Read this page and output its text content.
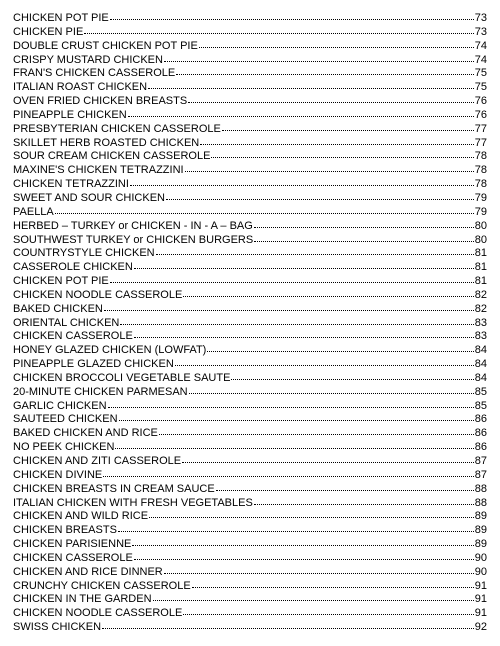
CHICKEN POT PIE	73
CHICKEN PIE	73
DOUBLE CRUST CHICKEN POT PIE	74
CRISPY MUSTARD CHICKEN	74
FRAN'S CHICKEN CASSEROLE	75
ITALIAN ROAST CHICKEN	75
OVEN FRIED CHICKEN BREASTS	76
PINEAPPLE CHICKEN	76
PRESBYTERIAN CHICKEN CASSEROLE	77
SKILLET HERB ROASTED CHICKEN	77
SOUR CREAM CHICKEN CASSEROLE	78
MAXINE'S CHICKEN TETRAZZINI	78
CHICKEN TETRAZZINI	78
SWEET AND SOUR CHICKEN	79
PAELLA	79
HERBED – TURKEY or CHICKEN - IN - A – BAG	80
SOUTHWEST TURKEY or CHICKEN BURGERS	80
COUNTRYSTYLE CHICKEN	81
CASSEROLE CHICKEN	81
CHICKEN POT PIE	81
CHICKEN NOODLE CASSEROLE	82
BAKED CHICKEN	82
ORIENTAL CHICKEN	83
CHICKEN CASSEROLE	83
HONEY GLAZED CHICKEN (LOWFAT)	84
PINEAPPLE GLAZED CHICKEN	84
CHICKEN BROCCOLI VEGETABLE SAUTE	84
20-MINUTE CHICKEN PARMESAN	85
GARLIC CHICKEN	85
SAUTEED CHICKEN	86
BAKED CHICKEN AND RICE	86
NO PEEK CHICKEN	86
CHICKEN AND ZITI CASSEROLE	87
CHICKEN DIVINE	87
CHICKEN BREASTS IN CREAM SAUCE	88
ITALIAN CHICKEN WITH FRESH VEGETABLES	88
CHICKEN AND WILD RICE	89
CHICKEN BREASTS	89
CHICKEN PARISIENNE	89
CHICKEN CASSEROLE	90
CHICKEN AND RICE DINNER	90
CRUNCHY CHICKEN CASSEROLE	91
CHICKEN IN THE GARDEN	91
CHICKEN NOODLE CASSEROLE	91
SWISS CHICKEN	92
